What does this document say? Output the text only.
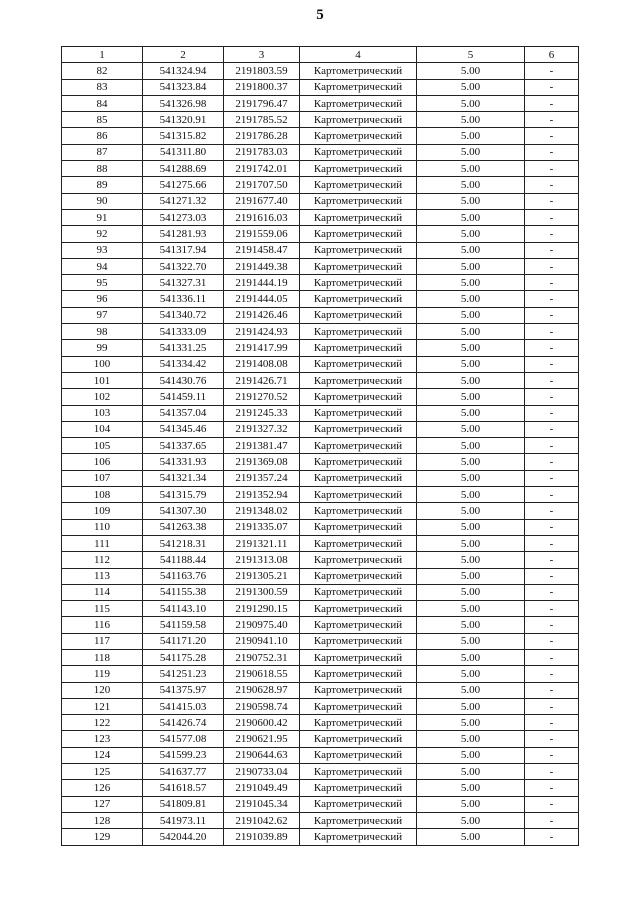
5
1	2	3	4	5	6
82	541324.94	2191803.59	Картометрический	5.00	-
83	541323.84	2191800.37	Картометрический	5.00	-
84	541326.98	2191796.47	Картометрический	5.00	-
85	541320.91	2191785.52	Картометрический	5.00	-
86	541315.82	2191786.28	Картометрический	5.00	-
87	541311.80	2191783.03	Картометрический	5.00	-
88	541288.69	2191742.01	Картометрический	5.00	-
89	541275.66	2191707.50	Картометрический	5.00	-
90	541271.32	2191677.40	Картометрический	5.00	-
91	541273.03	2191616.03	Картометрический	5.00	-
92	541281.93	2191559.06	Картометрический	5.00	-
93	541317.94	2191458.47	Картометрический	5.00	-
94	541322.70	2191449.38	Картометрический	5.00	-
95	541327.31	2191444.19	Картометрический	5.00	-
96	541336.11	2191444.05	Картометрический	5.00	-
97	541340.72	2191426.46	Картометрический	5.00	-
98	541333.09	2191424.93	Картометрический	5.00	-
99	541331.25	2191417.99	Картометрический	5.00	-
100	541334.42	2191408.08	Картометрический	5.00	-
101	541430.76	2191426.71	Картометрический	5.00	-
102	541459.11	2191270.52	Картометрический	5.00	-
103	541357.04	2191245.33	Картометрический	5.00	-
104	541345.46	2191327.32	Картометрический	5.00	-
105	541337.65	2191381.47	Картометрический	5.00	-
106	541331.93	2191369.08	Картометрический	5.00	-
107	541321.34	2191357.24	Картометрический	5.00	-
108	541315.79	2191352.94	Картометрический	5.00	-
109	541307.30	2191348.02	Картометрический	5.00	-
110	541263.38	2191335.07	Картометрический	5.00	-
111	541218.31	2191321.11	Картометрический	5.00	-
112	541188.44	2191313.08	Картометрический	5.00	-
113	541163.76	2191305.21	Картометрический	5.00	-
114	541155.38	2191300.59	Картометрический	5.00	-
115	541143.10	2191290.15	Картометрический	5.00	-
116	541159.58	2190975.40	Картометрический	5.00	-
117	541171.20	2190941.10	Картометрический	5.00	-
118	541175.28	2190752.31	Картометрический	5.00	-
119	541251.23	2190618.55	Картометрический	5.00	-
120	541375.97	2190628.97	Картометрический	5.00	-
121	541415.03	2190598.74	Картометрический	5.00	-
122	541426.74	2190600.42	Картометрический	5.00	-
123	541577.08	2190621.95	Картометрический	5.00	-
124	541599.23	2190644.63	Картометрический	5.00	-
125	541637.77	2190733.04	Картометрический	5.00	-
126	541618.57	2191049.49	Картометрический	5.00	-
127	541809.81	2191045.34	Картометрический	5.00	-
128	541973.11	2191042.62	Картометрический	5.00	-
129	542044.20	2191039.89	Картометрический	5.00	-
